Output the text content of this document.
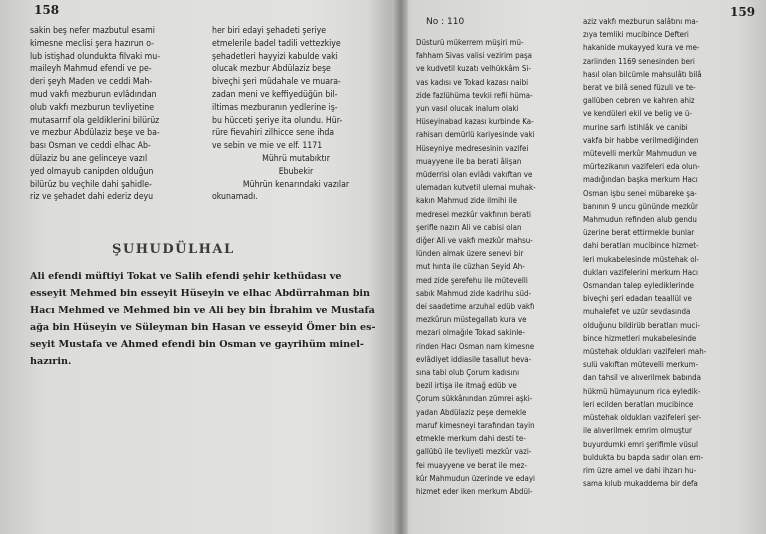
158
sakin beş nefer mazbutul esami
kimesne meclisi şera hazırun o-
lub istişhad olundukta filvaki mu-
maileyh Mahmud efendi ve pe-
deri şeyh Maden ve ceddi Mah-
mud vakfı mezburun evlâdından
olub vakfı mezburun tevliyetine
mutasarrıf ola geldiklerini bilürüz
ve mezbur Abdülaziz beşe ve ba-
bası Osman ve ceddi elhac Ab-
dülaziz bu ane gelinceye vazıl
yed olmayub canipden olduğun
bilürüz bu veçhile dahi şahidle-
riz ve şehadet dahi ederiz deyu
her biri edayi şehadeti şeriye
etmelerile badel tadili vettezkiye
şehadetleri hayyizi kabulde vaki
olucak mezbur Abdülaziz beşe
biveçhi şeri müdahale ve muara-
zadan meni ve keffiyedüğün bil-
iltimas mezburanın yedlerine iş-
bu hücceti şeriye ita olundu. Hür-
rüre fievahiri zilhicce sene ihda
ve sebin ve mie ve elf. 1171
Mührü mutabıktır
Ebubekir
Mührün kenarındaki vazılar
okunamadı.
ŞUHUDÜLHAL
Ali efendi müftiyi Tokat ve Salih efendi şehir kethüdası ve
esseyit Mehmed bin esseyit Hüseyin ve elhac Abdürrahman bin
Hacı Mehmed ve Mehmed bin ve Ali bey bin İbrahim ve Mustafa
ağa bin Hüseyin ve Süleyman bin Hasan ve esseyid Ömer bin es-
seyit Mustafa ve Ahmed efendi bin Osman ve gayrihüm minel-
hazırin.
159
No : 110
Düsturü mükerrem müşiri mü-
fahham Sivas valisi vezirim paşa
ve kudvetil kuzatı velhükkâm Si-
vas kadısı ve Tokad kazası naibi
zide fazlühüma tevkii refii hüma-
yun vasıl olucak inalum olaki
Hüseyinabad kazası kurbinde Ka-
rahisarı demürlü kariyesinde vaki
Hüseyniye medresesinin vazifei
muayyene ile ba berati âlişan
müderrisi olan evlâdı vakıftan ve
ulemadan kutvetil ulemai muhak-
kakın Mahmud zide ilmihi ile
medresei mezkûr vakfının berati
şerifle nazırı Ali ve cabisi olan
diğer Ali ve vakfı mezkûr mahsu-
lünden almak üzere senevi bir
mut hınta ile cüzhan Seyid Ah-
med zide şerefehu ile mütevelli
sabık Mahmud zide kadrihu süd-
dei saadetime arzuhal edüb vakfı
mezkûrun müstegallatı kura ve
mezari olmağıle Tokad sakinle-
rinden Hacı Osman nam kimesne
evlâdiyet iddiasile tasallut heva-
sına tabi olub Çorum kadısını
bezil irtişa ile itmağ edüb ve
Çorum sükkânından zümrei aşki-
yadan Abdülaziz peşe demekle
maruf kimesneyi tarafından tayin
etmekle merkum dahi desti te-
gallübü ile tevliyeti mezkûr vazi-
fei muayyene ve berat ile mez-
kûr Mahmudun üzerinde ve edayi
hizmet eder iken merkum Abdül-
aziz vakfı mezburun salâtını ma-
zıya temliki mucibince Defteri
hakanide mukayyed kura ve me-
zariinden 1169 senesinden beri
hasıl olan bilcümle mahsulâtı bilâ
berat ve bilâ sened füzuli ve te-
gallüben cebren ve kahren ahiz
ve kendüleri ekil ve belig ve ü-
murine sarfı istihlâk ve canibi
vakfa bir habbe verilmediğinden
mütevelli merkûr Mahmudun ve
mürtezikanın vazifeleri eda olun-
madığından başka merkum Hacı
Osman işbu senei mübareke şa-
banının 9 uncu gününde mezkûr
Mahmudun refinden alub gendu
üzerine berat ettirmekle bunlar
dahi beratları mucibince hizmet-
leri mukabelesinde müstehak ol-
dukları vazifelerini merkum Hacı
Osmandan talep eylediklerinde
biveçhi şeri edadan teaallül ve
muhalefet ve uzür sevdasında
olduğunu bildirüb beratları muci-
bince hizmetleri mukabelesinde
müstehak oldukları vazifeleri mah-
sulü vakıftan mütevelli merkum-
dan tahsil ve alıverilmek babında
hükmü hümayunum rica eyledik-
leri ecilden beratları mucibince
müstehak oldukları vazifeleri şer-
ile alıverilmek emrim olmuştur
buyurdumki emri şerifimle vüsul
buldukta bu bapda sadır olan em-
rim üzre amel ve dahi ihzarı hu-
sama kılub mukaddema bir defa
